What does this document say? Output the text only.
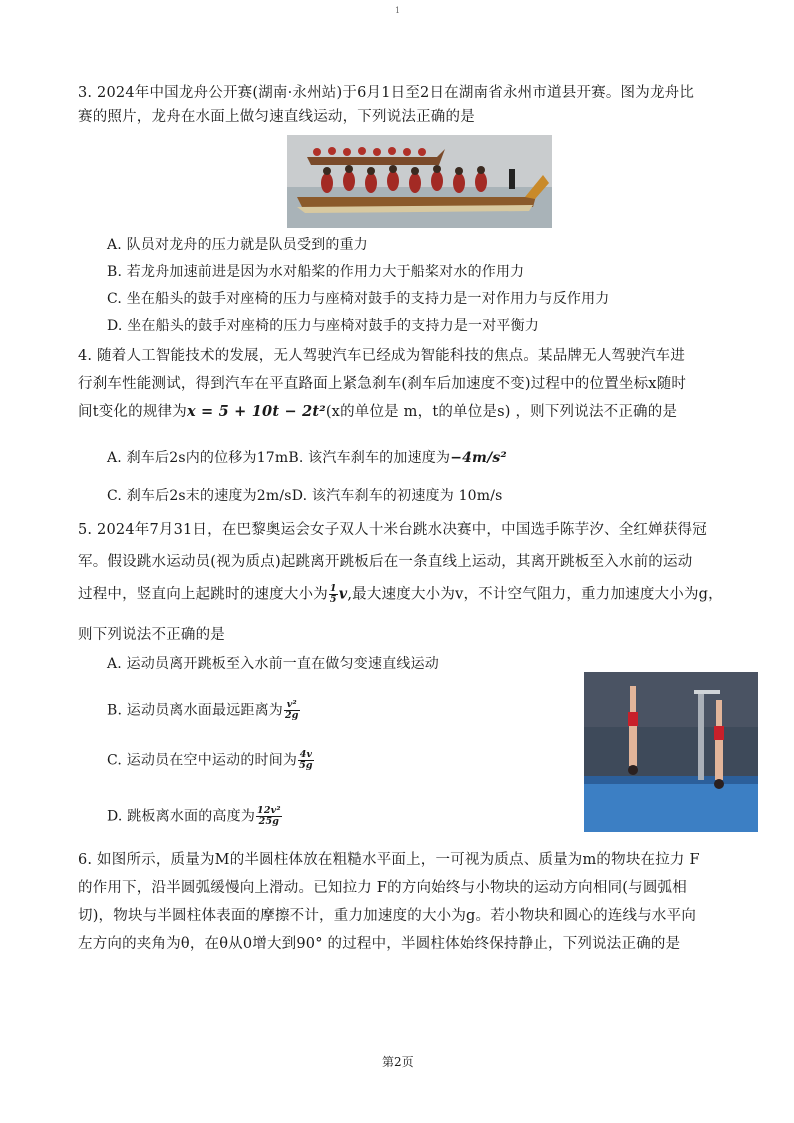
1
3. 2024年中国龙舟公开赛(湖南·永州站)于6月1日至2日在湖南省永州市道县开赛。图为龙舟比
赛的照片，龙舟在水面上做匀速直线运动，下列说法正确的是
A. 队员对龙舟的压力就是队员受到的重力
B. 若龙舟加速前进是因为水对船桨的作用力大于船桨对水的作用力
C. 坐在船头的鼓手对座椅的压力与座椅对鼓手的支持力是一对作用力与反作用力
D. 坐在船头的鼓手对座椅的压力与座椅对鼓手的支持力是一对平衡力
4. 随着人工智能技术的发展，无人驾驶汽车已经成为智能科技的焦点。某品牌无人驾驶汽车进
行刹车性能测试，得到汽车在平直路面上紧急刹车(刹车后加速度不变)过程中的位置坐标x随时
间t变化的规律为x = 5 + 10t − 2t²(x的单位是 m，t的单位是s) ，则下列说法不正确的是
A. 刹车后2s内的位移为17mB. 该汽车刹车的加速度为−4m/s²
C. 刹车后2s末的速度为2m/sD. 该汽车刹车的初速度为 10m/s
5. 2024年7月31日，在巴黎奥运会女子双人十米台跳水决赛中，中国选手陈芋汐、全红婵获得冠
军。假设跳水运动员(视为质点)起跳离开跳板后在一条直线上运动，其离开跳板至入水前的运动
过程中，竖直向上起跳时的速度大小为 $\frac{1}{5} v$,最大速度大小为v，不计空气阻力，重力加速度大小为g，
则下列说法不正确的是
A. 运动员离开跳板至入水前一直在做匀变速直线运动
B. 运动员离水面最远距离为 $\frac{\text{v²}}{2g}$
C. 运动员在空中运动的时间为 $\frac{4v}{5g}$
D. 跳板离水面的高度为 $\frac{\text{12v²}}{25g}$
6. 如图所示，质量为M的半圆柱体放在粗糙水平面上，一可视为质点、质量为m的物块在拉力 F
的作用下，沿半圆弧缓慢向上滑动。已知拉力 F的方向始终与小物块的运动方向相同(与圆弧相
切)，物块与半圆柱体表面的摩擦不计，重力加速度的大小为g。若小物块和圆心的连线与水平向
左方向的夹角为θ，在θ从0增大到90° 的过程中，半圆柱体始终保持静止，下列说法正确的是
第2页
